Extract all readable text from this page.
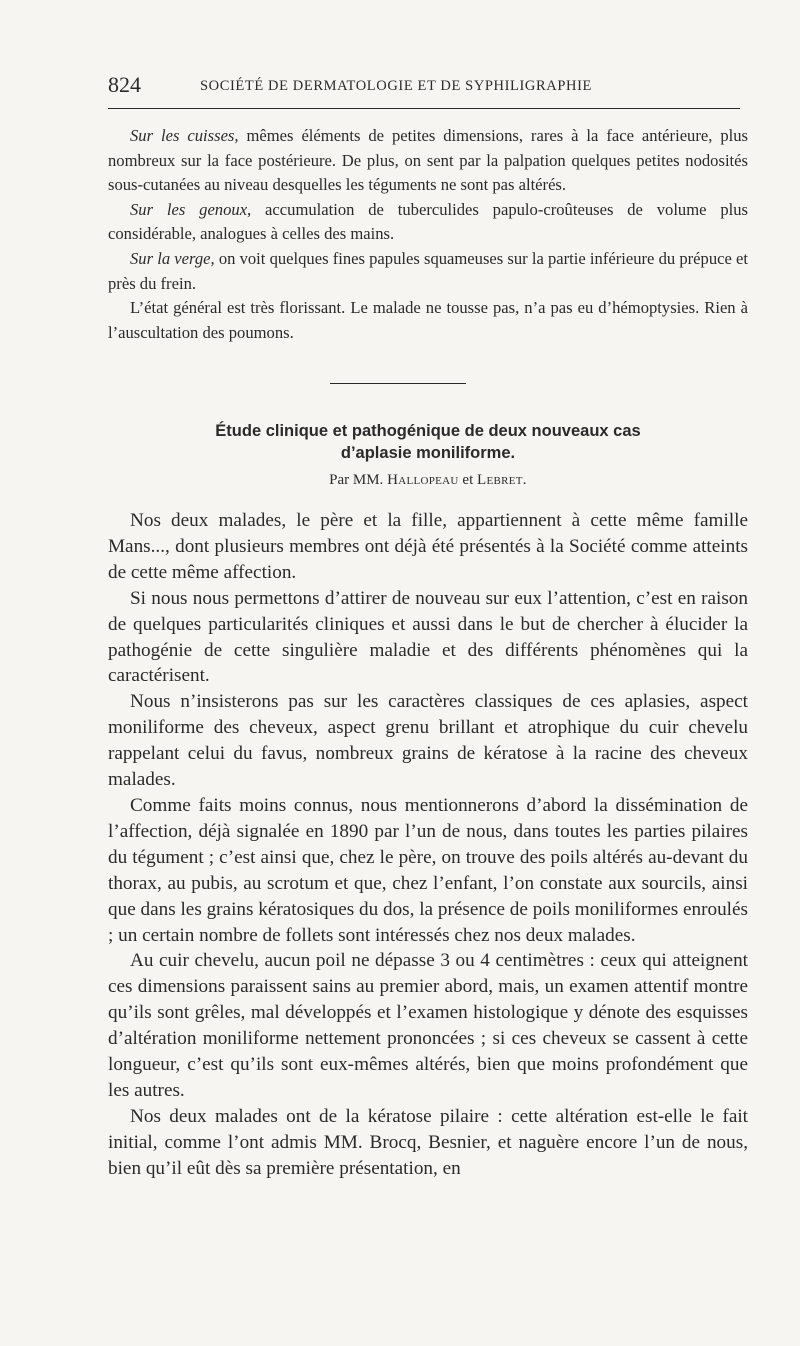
824	SOCIÉTÉ DE DERMATOLOGIE ET DE SYPHILIGRAPHIE

Sur les cuisses, mêmes éléments de petites dimensions, rares à la face antérieure, plus nombreux sur la face postérieure. De plus, on sent par la palpation quelques petites nodosités sous-cutanées au niveau desquelles les téguments ne sont pas altérés.

Sur les genoux, accumulation de tuberculides papulo-croûteuses de volume plus considérable, analogues à celles des mains.

Sur la verge, on voit quelques fines papules squameuses sur la partie inférieure du prépuce et près du frein.

L’état général est très florissant. Le malade ne tousse pas, n’a pas eu d’hémoptysies. Rien à l’auscultation des poumons.

Étude clinique et pathogénique de deux nouveaux cas
d’aplasie moniliforme.
Par MM. Hallopeau et Lebret.

Nos deux malades, le père et la fille, appartiennent à cette même famille Mans..., dont plusieurs membres ont déjà été présentés à la Société comme atteints de cette même affection.

Si nous nous permettons d’attirer de nouveau sur eux l’attention, c’est en raison de quelques particularités cliniques et aussi dans le but de chercher à élucider la pathogénie de cette singulière maladie et des différents phénomènes qui la caractérisent.

Nous n’insisterons pas sur les caractères classiques de ces aplasies, aspect moniliforme des cheveux, aspect grenu brillant et atrophique du cuir chevelu rappelant celui du favus, nombreux grains de kératose à la racine des cheveux malades.

Comme faits moins connus, nous mentionnerons d’abord la dissémination de l’affection, déjà signalée en 1890 par l’un de nous, dans toutes les parties pilaires du tégument ; c’est ainsi que, chez le père, on trouve des poils altérés au-devant du thorax, au pubis, au scrotum et que, chez l’enfant, l’on constate aux sourcils, ainsi que dans les grains kératosiques du dos, la présence de poils moniliformes enroulés ; un certain nombre de follets sont intéressés chez nos deux malades.

Au cuir chevelu, aucun poil ne dépasse 3 ou 4 centimètres : ceux qui atteignent ces dimensions paraissent sains au premier abord, mais, un examen attentif montre qu’ils sont grêles, mal développés et l’examen histologique y dénote des esquisses d’altération moniliforme nettement prononcées ; si ces cheveux se cassent à cette longueur, c’est qu’ils sont eux-mêmes altérés, bien que moins profondément que les autres.

Nos deux malades ont de la kératose pilaire : cette altération est-elle le fait initial, comme l’ont admis MM. Brocq, Besnier, et naguère encore l’un de nous, bien qu’il eût dès sa première présentation, en
